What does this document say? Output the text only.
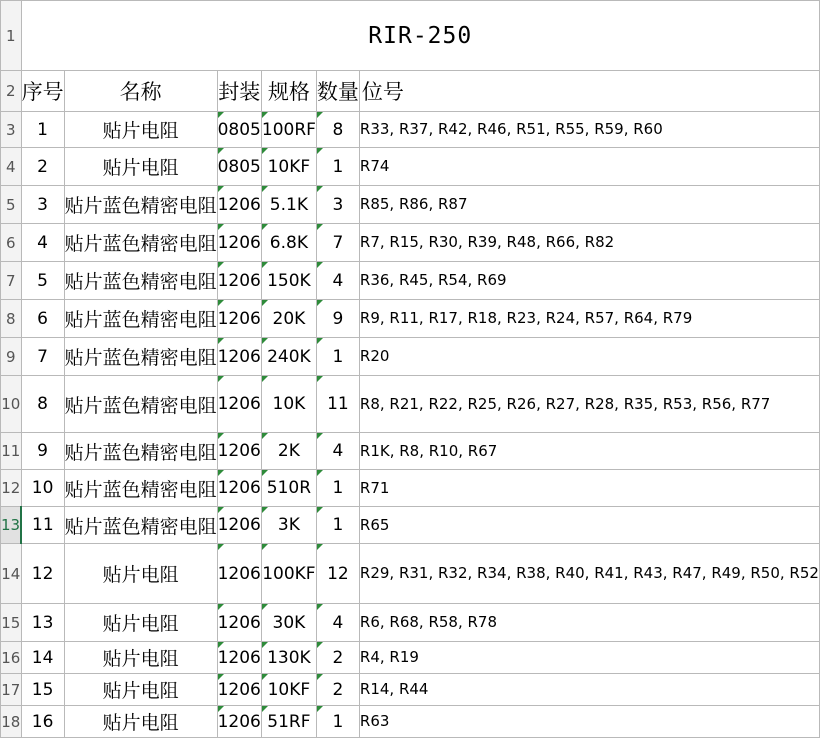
1	RIR-250					
2	序号	名称	封装	规格	数量	位号
3	1	贴片电阻	0805	100RF	8	R33, R37, R42, R46, R51, R55, R59, R60
4	2	贴片电阻	0805	10KF	1	R74
5	3	贴片蓝色精密电阻	1206	5.1K	3	R85, R86, R87
6	4	贴片蓝色精密电阻	1206	6.8K	7	R7, R15, R30, R39, R48, R66, R82
7	5	贴片蓝色精密电阻	1206	150K	4	R36, R45, R54, R69
8	6	贴片蓝色精密电阻	1206	20K	9	R9, R11, R17, R18, R23, R24, R57, R64, R79
9	7	贴片蓝色精密电阻	1206	240K	1	R20
10	8	贴片蓝色精密电阻	1206	10K	11	R8, R21, R22, R25, R26, R27, R28, R35, R53, R56, R77
11	9	贴片蓝色精密电阻	1206	2K	4	R1K, R8, R10, R67
12	10	贴片蓝色精密电阻	1206	510R	1	R71
13	11	贴片蓝色精密电阻	1206	3K	1	R65
14	12	贴片电阻	1206	100KF	12	R29, R31, R32, R34, R38, R40, R41, R43, R47, R49, R50, R52
15	13	贴片电阻	1206	30K	4	R6, R68, R58, R78
16	14	贴片电阻	1206	130K	2	R4, R19
17	15	贴片电阻	1206	10KF	2	R14, R44
18	16	贴片电阻	1206	51RF	1	R63
